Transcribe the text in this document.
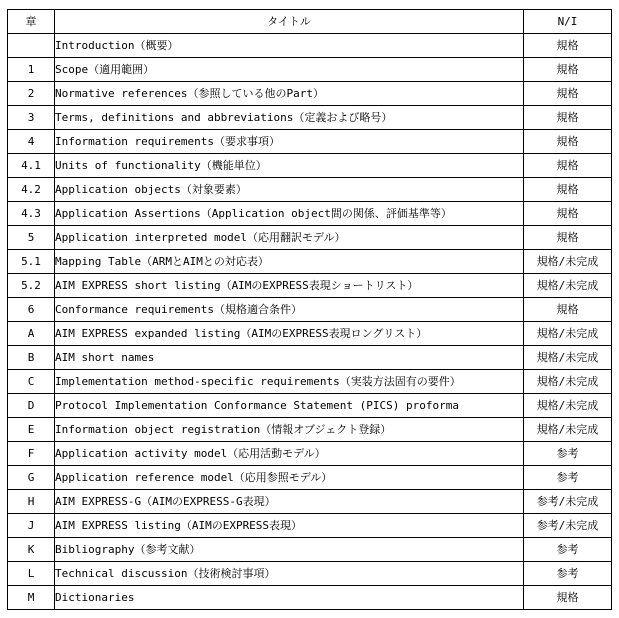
章	タイトル	N/I
	Introduction（概要）	規格
1	Scope（適用範囲）	規格
2	Normative references（参照している他のPart）	規格
3	Terms, definitions and abbreviations（定義および略号）	規格
4	Information requirements（要求事項）	規格
4.1	Units of functionality（機能単位）	規格
4.2	Application objects（対象要素）	規格
4.3	Application Assertions（Application object間の関係、評価基準等）	規格
5	Application interpreted model（応用翻訳モデル）	規格
5.1	Mapping Table（ARMとAIMとの対応表）	規格/未完成
5.2	AIM EXPRESS short listing（AIMのEXPRESS表現ショートリスト）	規格/未完成
6	Conformance requirements（規格適合条件）	規格
A	AIM EXPRESS expanded listing（AIMのEXPRESS表現ロングリスト）	規格/未完成
B	AIM short names	規格/未完成
C	Implementation method-specific requirements（実装方法固有の要件）	規格/未完成
D	Protocol Implementation Conformance Statement (PICS) proforma	規格/未完成
E	Information object registration（情報オブジェクト登録）	規格/未完成
F	Application activity model（応用活動モデル）	参考
G	Application reference model（応用参照モデル）	参考
H	AIM EXPRESS-G（AIMのEXPRESS-G表現）	参考/未完成
J	AIM EXPRESS listing（AIMのEXPRESS表現）	参考/未完成
K	Bibliography（参考文献）	参考
L	Technical discussion（技術検討事項）	参考
M	Dictionaries	規格
